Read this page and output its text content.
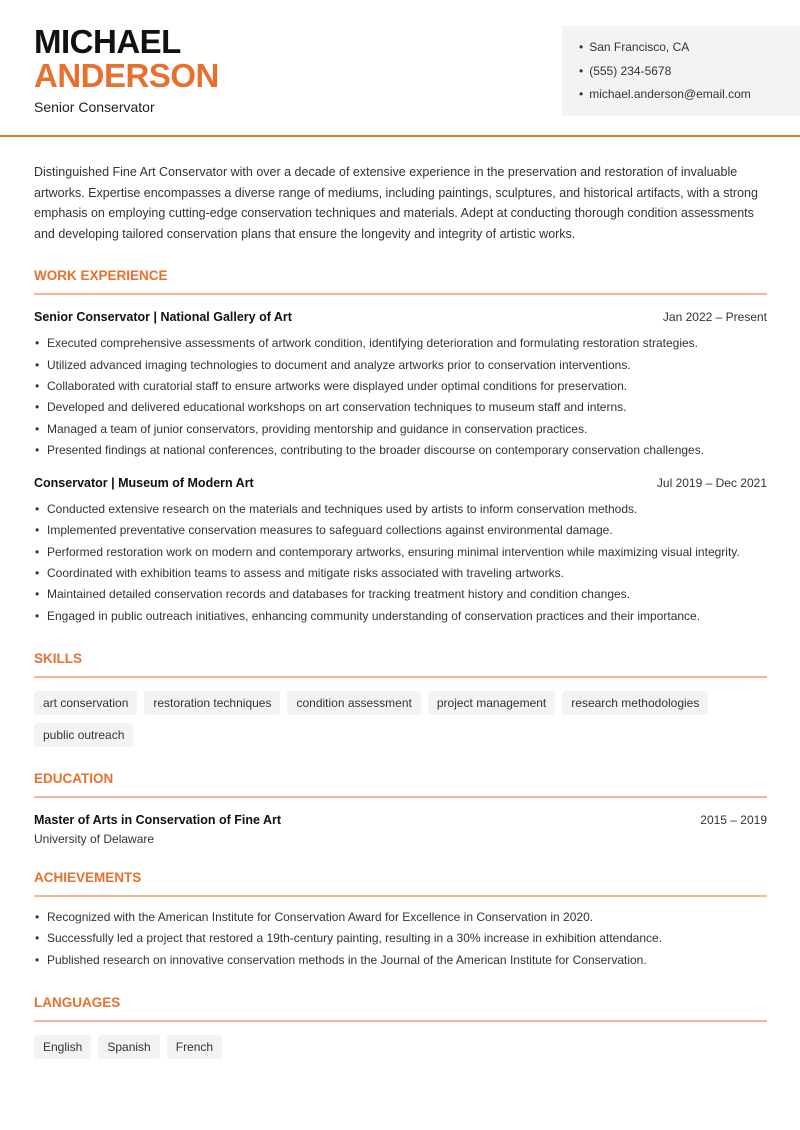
MICHAEL
ANDERSON
Senior Conservator
• San Francisco, CA
• (555) 234-5678
• michael.anderson@email.com

Distinguished Fine Art Conservator with over a decade of extensive experience in the preservation and restoration of invaluable artworks. Expertise encompasses a diverse range of mediums, including paintings, sculptures, and historical artifacts, with a strong emphasis on employing cutting-edge conservation techniques and materials. Adept at conducting thorough condition assessments and developing tailored conservation plans that ensure the longevity and integrity of artistic works.

WORK EXPERIENCE
Senior Conservator | National Gallery of Art	Jan 2022 – Present
• Executed comprehensive assessments of artwork condition, identifying deterioration and formulating restoration strategies.
• Utilized advanced imaging technologies to document and analyze artworks prior to conservation interventions.
• Collaborated with curatorial staff to ensure artworks were displayed under optimal conditions for preservation.
• Developed and delivered educational workshops on art conservation techniques to museum staff and interns.
• Managed a team of junior conservators, providing mentorship and guidance in conservation practices.
• Presented findings at national conferences, contributing to the broader discourse on contemporary conservation challenges.
Conservator | Museum of Modern Art	Jul 2019 – Dec 2021
• Conducted extensive research on the materials and techniques used by artists to inform conservation methods.
• Implemented preventative conservation measures to safeguard collections against environmental damage.
• Performed restoration work on modern and contemporary artworks, ensuring minimal intervention while maximizing visual integrity.
• Coordinated with exhibition teams to assess and mitigate risks associated with traveling artworks.
• Maintained detailed conservation records and databases for tracking treatment history and condition changes.
• Engaged in public outreach initiatives, enhancing community understanding of conservation practices and their importance.
SKILLS
art conservation	restoration techniques	condition assessment	project management	research methodologies
public outreach
EDUCATION
Master of Arts in Conservation of Fine Art	2015 – 2019
University of Delaware
ACHIEVEMENTS
• Recognized with the American Institute for Conservation Award for Excellence in Conservation in 2020.
• Successfully led a project that restored a 19th-century painting, resulting in a 30% increase in exhibition attendance.
• Published research on innovative conservation methods in the Journal of the American Institute for Conservation.
LANGUAGES
English	Spanish	French
